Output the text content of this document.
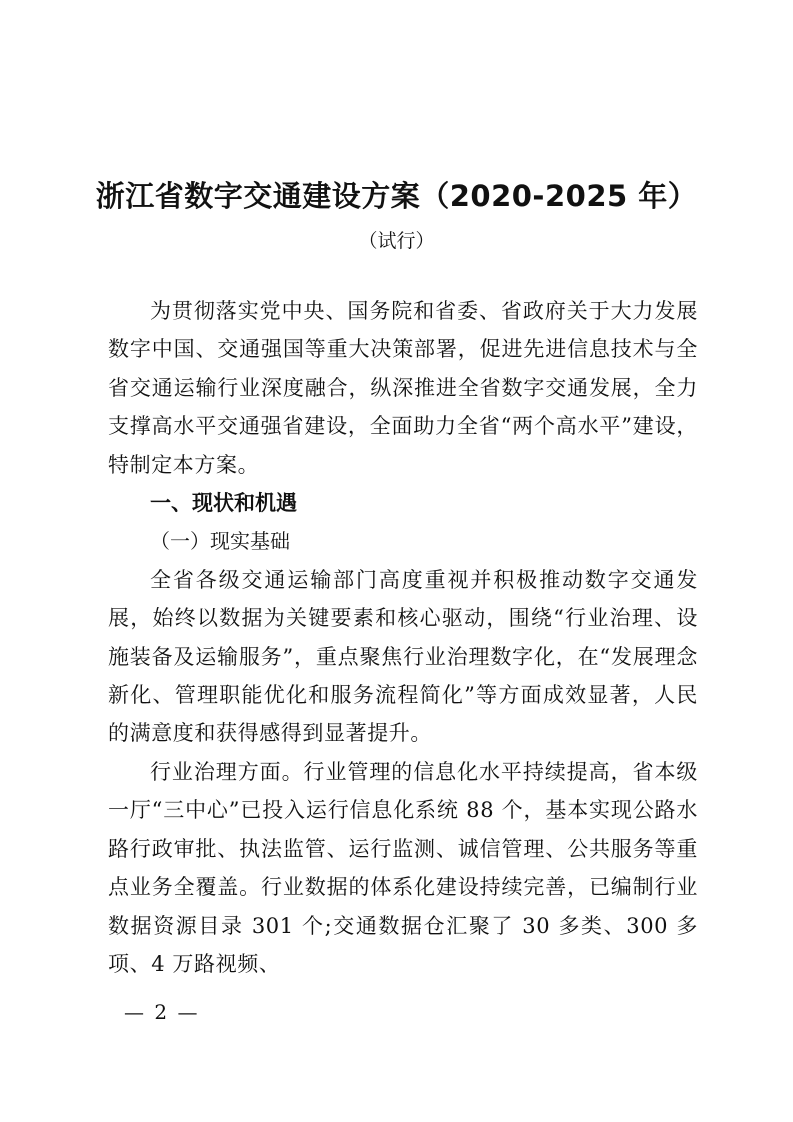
浙江省数字交通建设方案（2020-2025 年）
（试行）

为贯彻落实党中央、国务院和省委、省政府关于大力发展数字中国、交通强国等重大决策部署，促进先进信息技术与全省交通运输行业深度融合，纵深推进全省数字交通发展，全力支撑高水平交通强省建设，全面助力全省“两个高水平”建设，特制定本方案。

一、现状和机遇

（一）现实基础

全省各级交通运输部门高度重视并积极推动数字交通发展，始终以数据为关键要素和核心驱动，围绕“行业治理、设施装备及运输服务”，重点聚焦行业治理数字化，在“发展理念新化、管理职能优化和服务流程简化”等方面成效显著，人民的满意度和获得感得到显著提升。

行业治理方面。行业管理的信息化水平持续提高，省本级一厅“三中心”已投入运行信息化系统 88 个，基本实现公路水路行政审批、执法监管、运行监测、诚信管理、公共服务等重点业务全覆盖。行业数据的体系化建设持续完善，已编制行业数据资源目录 301 个;交通数据仓汇聚了 30 多类、300 多项、4 万路视频、

— 2 —
